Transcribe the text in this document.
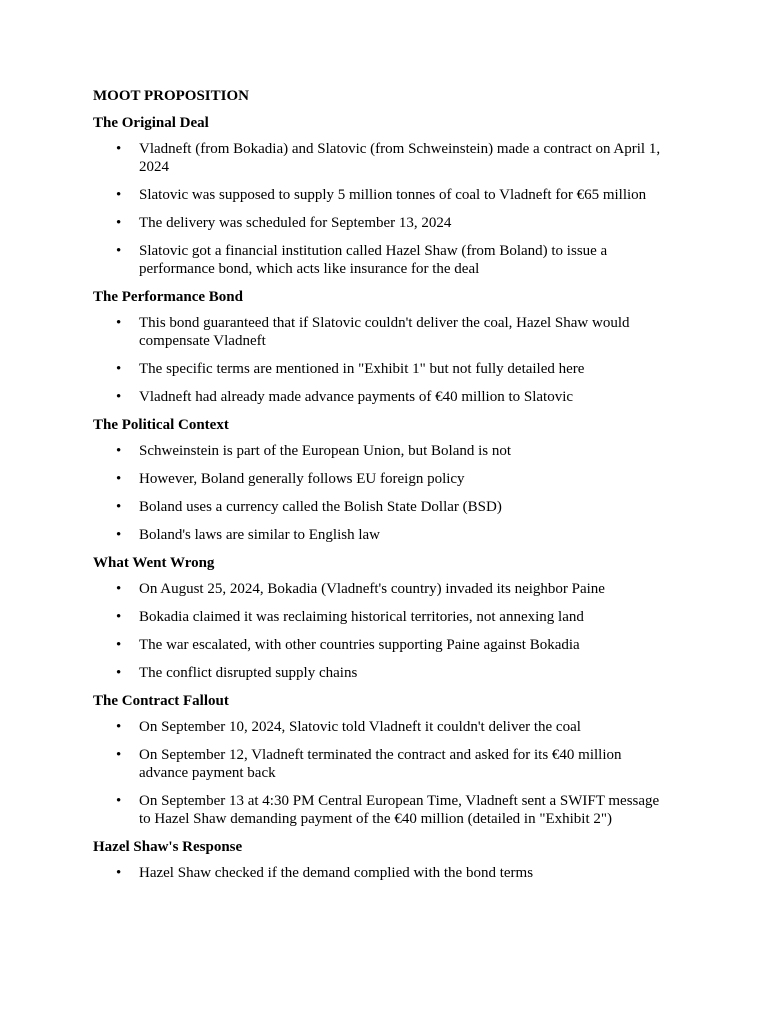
MOOT PROPOSITION
The Original Deal
• Vladneft (from Bokadia) and Slatovic (from Schweinstein) made a contract on April 1, 2024
• Slatovic was supposed to supply 5 million tonnes of coal to Vladneft for €65 million
• The delivery was scheduled for September 13, 2024
• Slatovic got a financial institution called Hazel Shaw (from Boland) to issue a performance bond, which acts like insurance for the deal
The Performance Bond
• This bond guaranteed that if Slatovic couldn't deliver the coal, Hazel Shaw would compensate Vladneft
• The specific terms are mentioned in "Exhibit 1" but not fully detailed here
• Vladneft had already made advance payments of €40 million to Slatovic
The Political Context
• Schweinstein is part of the European Union, but Boland is not
• However, Boland generally follows EU foreign policy
• Boland uses a currency called the Bolish State Dollar (BSD)
• Boland's laws are similar to English law
What Went Wrong
• On August 25, 2024, Bokadia (Vladneft's country) invaded its neighbor Paine
• Bokadia claimed it was reclaiming historical territories, not annexing land
• The war escalated, with other countries supporting Paine against Bokadia
• The conflict disrupted supply chains
The Contract Fallout
• On September 10, 2024, Slatovic told Vladneft it couldn't deliver the coal
• On September 12, Vladneft terminated the contract and asked for its €40 million advance payment back
• On September 13 at 4:30 PM Central European Time, Vladneft sent a SWIFT message to Hazel Shaw demanding payment of the €40 million (detailed in "Exhibit 2")
Hazel Shaw's Response
• Hazel Shaw checked if the demand complied with the bond terms
